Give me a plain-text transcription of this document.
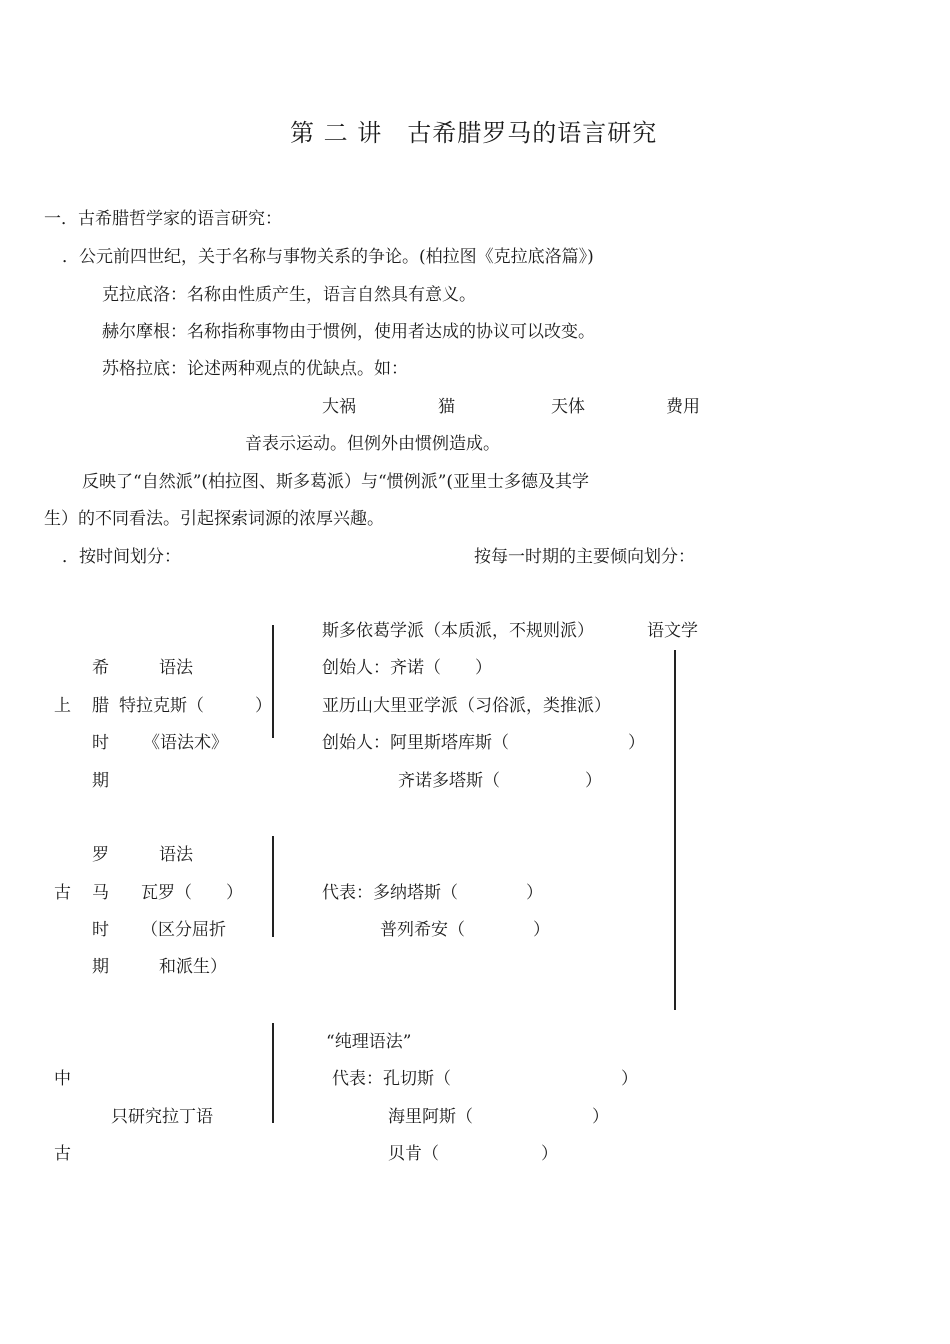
第 二 讲　古希腊罗马的语言研究
一．古希腊哲学家的语言研究：
．公元前四世纪，关于名称与事物关系的争论。(柏拉图《克拉底洛篇》)
克拉底洛：名称由性质产生，语言自然具有意义。
赫尔摩根：名称指称事物由于惯例，使用者达成的协议可以改变。
苏格拉底：论述两种观点的优缺点。如：
大祸	猫	天体	费用
音表示运动。但例外由惯例造成。
反映了“自然派”(柏拉图、斯多葛派）与“惯例派”(亚里士多德及其学
生）的不同看法。引起探索词源的浓厚兴趣。
．按时间划分：	按每一时期的主要倾向划分：
斯多依葛学派（本质派，不规则派）	语文学
希	语法	创始人：齐诺（　　）
上 腊 特拉克斯（　　　）	亚历山大里亚学派（习俗派，类推派）
时 《语法术》	创始人：阿里斯塔库斯（　　　　　　　）
期	齐诺多塔斯（　　　　　）
罗	语法
古 马 瓦罗（　　）	代表：多纳塔斯（　　　　）
时 （区分屈折	普列希安（　　　　）
期	和派生）
“纯理语法”
中	代表：孔切斯（　　　　　　　　　　）
只研究拉丁语	海里阿斯（　　　　　　　）
古	贝肯（　　　　　　）
